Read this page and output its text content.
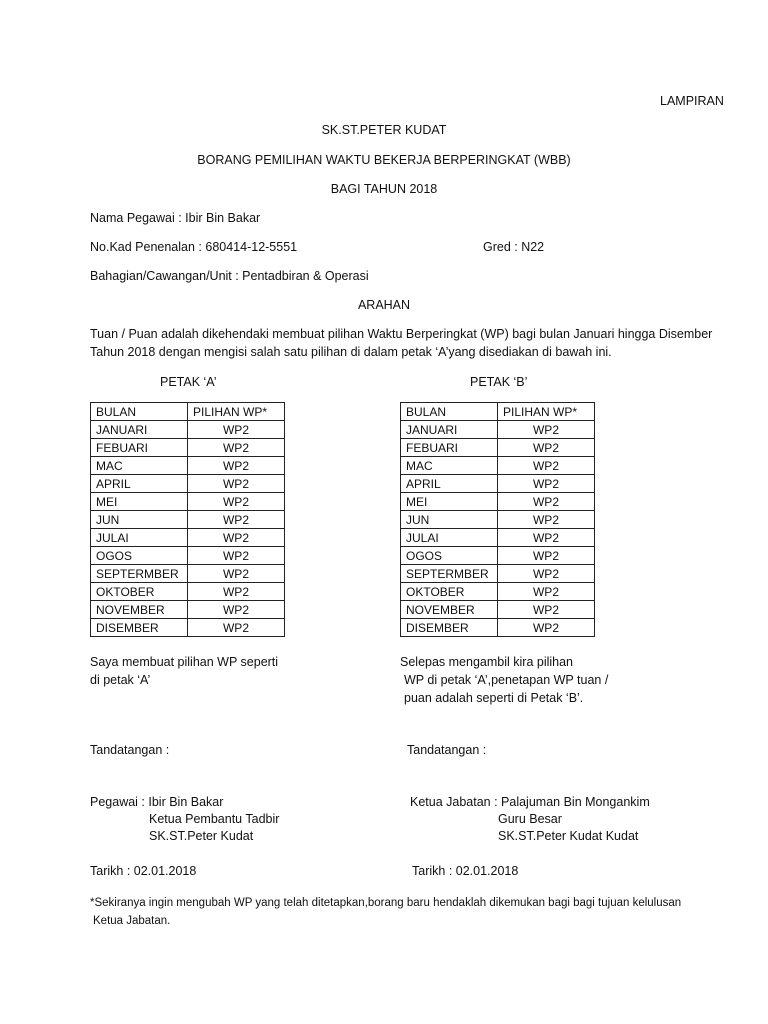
LAMPIRAN
SK.ST.PETER KUDAT
BORANG PEMILIHAN WAKTU BEKERJA BERPERINGKAT (WBB)
BAGI TAHUN 2018
Nama Pegawai : Ibir Bin Bakar
No.Kad Penenalan : 680414-12-5551	Gred : N22
Bahagian/Cawangan/Unit : Pentadbiran & Operasi
ARAHAN
Tuan / Puan adalah dikehendaki membuat pilihan Waktu Berperingkat (WP) bagi bulan Januari hingga Disember
Tahun 2018 dengan mengisi salah satu pilihan di dalam petak ‘A’yang disediakan di bawah ini.
PETAK ‘A’	PETAK ‘B’
BULAN	PILIHAN WP*
JANUARI	WP2
FEBUARI	WP2
MAC	WP2
APRIL	WP2
MEI	WP2
JUN	WP2
JULAI	WP2
OGOS	WP2
SEPTERMBER	WP2
OKTOBER	WP2
NOVEMBER	WP2
DISEMBER	WP2
BULAN	PILIHAN WP*
JANUARI	WP2
FEBUARI	WP2
MAC	WP2
APRIL	WP2
MEI	WP2
JUN	WP2
JULAI	WP2
OGOS	WP2
SEPTERMBER	WP2
OKTOBER	WP2
NOVEMBER	WP2
DISEMBER	WP2
Saya membuat pilihan WP seperti
di petak ‘A’
Selepas mengambil kira pilihan
WP di petak ‘A’,penetapan WP tuan /
puan adalah seperti di Petak ‘B’.
Tandatangan :	Tandatangan :
Pegawai : Ibir Bin Bakar
Ketua Pembantu Tadbir
SK.ST.Peter Kudat
Tarikh : 02.01.2018
Ketua Jabatan : Palajuman Bin Mongankim
Guru Besar
SK.ST.Peter Kudat Kudat
Tarikh : 02.01.2018
*Sekiranya ingin mengubah WP yang telah ditetapkan,borang baru hendaklah dikemukan bagi bagi tujuan kelulusan
Ketua Jabatan.
